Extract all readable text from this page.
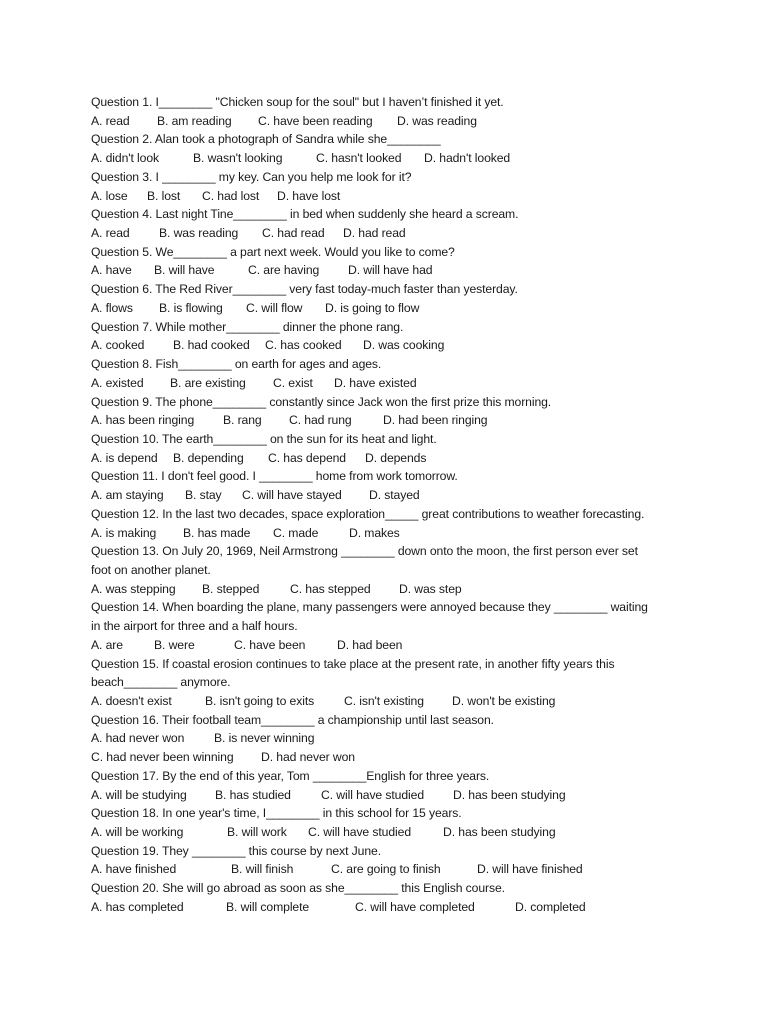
Question 1. I________ "Chicken soup for the soul" but I haven’t finished it yet.
A. read B. am reading C. have been reading D. was reading
Question 2. Alan took a photograph of Sandra while she________
A. didn't look	B. wasn't looking	C. hasn't looked D. hadn't looked
Question 3. I ________ my key. Can you help me look for it?
A. lose B. lost C. had lost D. have lost
Question 4. Last night Tine________ in bed when suddenly she heard a scream.
A. read B. was reading C. had read D. had read
Question 5. We________ a part next week. Would you like to come?
A. have B. will have	C. are having D. will have had
Question 6. The Red River________ very fast today-much faster than yesterday.
A. flows B. is flowing C. will flow D. is going to flow
Question 7. While mother________ dinner the phone rang.
A. cooked B. had cooked C. has cooked D. was cooking
Question 8. Fish________ on earth for ages and ages.
A. existed B. are existing C. exist D. have existed
Question 9. The phone________ constantly since Jack won the first prize this morning.
A. has been ringing B. rang C. had rung	D. had been ringing
Question 10. The earth________ on the sun for its heat and light.
A. is depend B. depending C. has depend D. depends
Question 11. I don't feel good. I ________ home from work tomorrow.
A. am staying B. stay C. will have stayed D. stayed
Question 12. In the last two decades, space exploration_____ great contributions to weather forecasting.
A. is making B. has made C. made	D. makes
Question 13. On July 20, 1969, Neil Armstrong ________ down onto the moon, the first person ever set
foot on another planet.
A. was stepping B. stepped	C. has stepped D. was step
Question 14. When boarding the plane, many passengers were annoyed because they ________ waiting
in the airport for three and a half hours.
A. are	B. were	C. have been	D. had been
Question 15. If coastal erosion continues to take place at the present rate, in another fifty years this
beach________ anymore.
A. doesn't exist	B. isn't going to exits C. isn't existing D. won't be existing
Question 16. Their football team________ a championship until last season.
A. had never won B. is never winning
C. had never been winning D. had never won
Question 17. By the end of this year, Tom ________English for three years.
A. will be studying B. has studied C. will have studied D. has been studying
Question 18. In one year's time, I________ in this school for 15 years.
A. will be working	B. will work C. will have studied	D. has been studying
Question 19. They ________ this course by next June.
A. have finished	B. will finish	C. are going to finish	D. will have finished
Question 20. She will go abroad as soon as she________ this English course.
A. has completed	B. will complete	C. will have completed	D. completed
